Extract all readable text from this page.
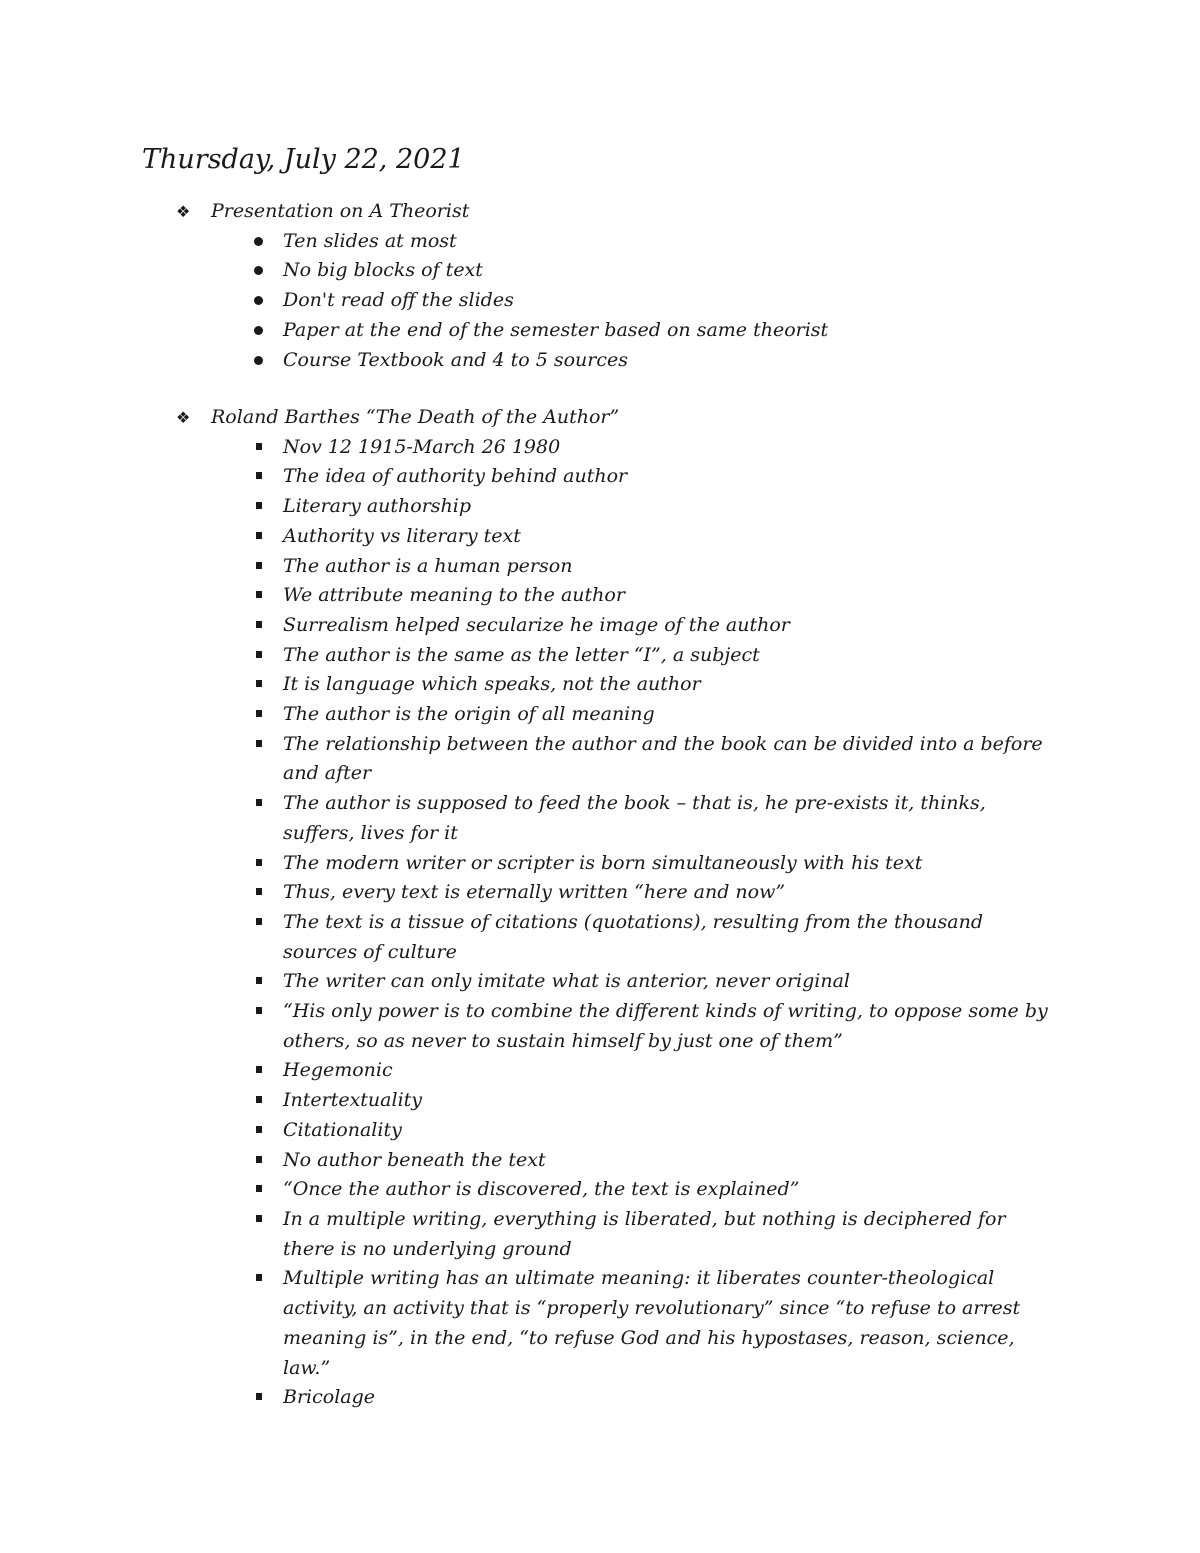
Thursday, July 22, 2021
❖ Presentation on A Theorist
Ten slides at most
No big blocks of text
Don't read off the slides
Paper at the end of the semester based on same theorist
Course Textbook and 4 to 5 sources
❖ Roland Barthes “The Death of the Author”
Nov 12 1915-March 26 1980
The idea of authority behind author
Literary authorship
Authority vs literary text
The author is a human person
We attribute meaning to the author
Surrealism helped secularize he image of the author
The author is the same as the letter “I”, a subject
It is language which speaks, not the author
The author is the origin of all meaning
The relationship between the author and the book can be divided into a before and after
The author is supposed to feed the book – that is, he pre-exists it, thinks, suffers, lives for it
The modern writer or scripter is born simultaneously with his text
Thus, every text is eternally written “here and now”
The text is a tissue of citations (quotations), resulting from the thousand sources of culture
The writer can only imitate what is anterior, never original
“His only power is to combine the different kinds of writing, to oppose some by others, so as never to sustain himself by just one of them”
Hegemonic
Intertextuality
Citationality
No author beneath the text
“Once the author is discovered, the text is explained”
In a multiple writing, everything is liberated, but nothing is deciphered for there is no underlying ground
Multiple writing has an ultimate meaning: it liberates counter-theological activity, an activity that is “properly revolutionary” since “to refuse to arrest meaning is”, in the end, “to refuse God and his hypostases, reason, science, law.”
Bricolage
